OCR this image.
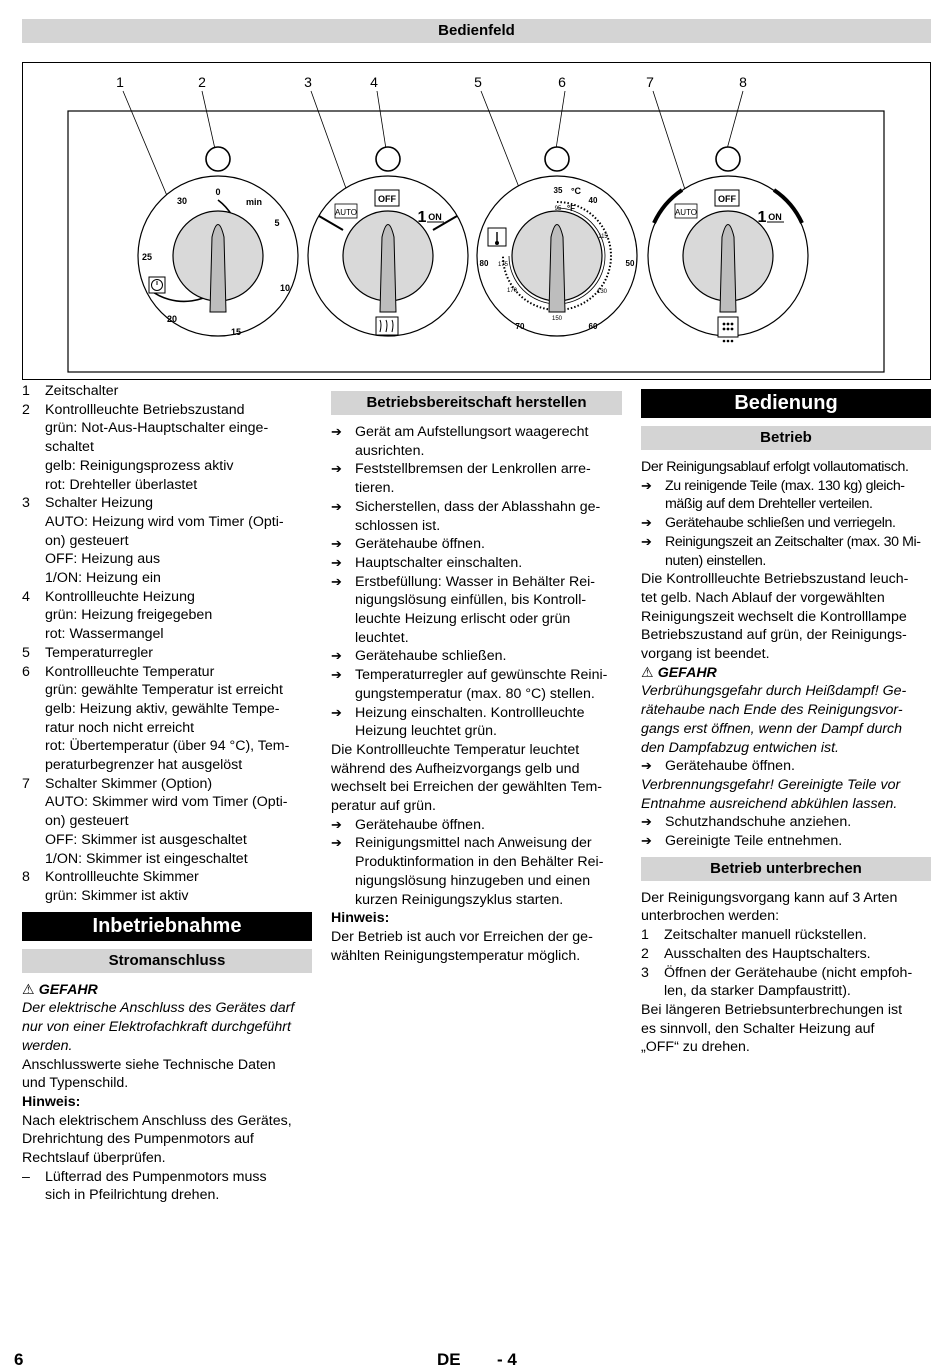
Bedienfeld
1	2	3	4	5	6	7	8
0
min
5
10
15
20
25
30
AUTO
OFF
1 ON
35 °C
95 °F
40
115
50
130
60
150
70
170
80 175
AUTO
OFF
1 ON
1	Zeitschalter
2	Kontrollleuchte Betriebszustand
grün: Not-Aus-Hauptschalter einge-
schaltet
gelb: Reinigungsprozess aktiv
rot: Drehteller überlastet
3	Schalter Heizung
AUTO: Heizung wird vom Timer (Opti-
on) gesteuert
OFF: Heizung aus
1/ON: Heizung ein
4	Kontrollleuchte Heizung
grün: Heizung freigegeben
rot: Wassermangel
5	Temperaturregler
6	Kontrollleuchte Temperatur
grün: gewählte Temperatur ist erreicht
gelb: Heizung aktiv, gewählte Tempe-
ratur noch nicht erreicht
rot: Übertemperatur (über 94 °C), Tem-
peraturbegrenzer hat ausgelöst
7	Schalter Skimmer (Option)
AUTO: Skimmer wird vom Timer (Opti-
on) gesteuert
OFF: Skimmer ist ausgeschaltet
1/ON: Skimmer ist eingeschaltet
8	Kontrollleuchte Skimmer
grün: Skimmer ist aktiv
Inbetriebnahme
Stromanschluss

⚠ GEFAHR

Der elektrische Anschluss des Gerätes darf
nur von einer Elektrofachkraft durchgeführt
werden.

Anschlusswerte siehe Technische Daten
und Typenschild.

Hinweis:

Nach elektrischem Anschluss des Gerätes,
Drehrichtung des Pumpenmotors auf
Rechtslauf überprüfen.

–	Lüfterrad des Pumpenmotors muss
sich in Pfeilrichtung drehen.
Betriebsbereitschaft herstellen
➔ Gerät am Aufstellungsort waagerecht
ausrichten.
➔ Feststellbremsen der Lenkrollen arre-
tieren.
➔ Sicherstellen, dass der Ablasshahn ge-
schlossen ist.
➔ Gerätehaube öffnen.
➔ Hauptschalter einschalten.
➔ Erstbefüllung: Wasser in Behälter Rei-
nigungslösung einfüllen, bis Kontroll-
leuchte Heizung erlischt oder grün
leuchtet.
➔ Gerätehaube schließen.
➔ Temperaturregler auf gewünschte Reini-
gungstemperatur (max. 80 °C) stellen.
➔ Heizung einschalten. Kontrollleuchte
Heizung leuchtet grün.

Die Kontrollleuchte Temperatur leuchtet
während des Aufheizvorgangs gelb und
wechselt bei Erreichen der gewählten Tem-
peratur auf grün.

➔ Gerätehaube öffnen.
➔ Reinigungsmittel nach Anweisung der
Produktinformation in den Behälter Rei-
nigungslösung hinzugeben und einen
kurzen Reinigungszyklus starten.

Hinweis:

Der Betrieb ist auch vor Erreichen der ge-
wählten Reinigungstemperatur möglich.

Bedienung
Betrieb

Der Reinigungsablauf erfolgt vollautomatisch.

➔ Zu reinigende Teile (max. 130 kg) gleich-
mäßig auf dem Drehteller verteilen.
➔ Gerätehaube schließen und verriegeln.
➔ Reinigungszeit an Zeitschalter (max. 30 Mi-
nuten) einstellen.

Die Kontrollleuchte Betriebszustand leuch-
tet gelb. Nach Ablauf der vorgewählten
Reinigungszeit wechselt die Kontrolllampe
Betriebszustand auf grün, der Reinigungs-
vorgang ist beendet.

⚠ GEFAHR

Verbrühungsgefahr durch Heißdampf! Ge-
rätehaube nach Ende des Reinigungsvor-
gangs erst öffnen, wenn der Dampf durch
den Dampfabzug entwichen ist.

➔ Gerätehaube öffnen.

Verbrennungsgefahr! Gereinigte Teile vor
Entnahme ausreichend abkühlen lassen.

➔ Schutzhandschuhe anziehen.
➔ Gereinigte Teile entnehmen.
Betrieb unterbrechen

Der Reinigungsvorgang kann auf 3 Arten
unterbrochen werden:

1	Zeitschalter manuell rückstellen.
2	Ausschalten des Hauptschalters.
3	Öffnen der Gerätehaube (nicht empfoh-
len, da starker Dampfaustritt).

Bei längeren Betriebsunterbrechungen ist
es sinnvoll, den Schalter Heizung auf
„OFF“ zu drehen.

6	DE - 4
